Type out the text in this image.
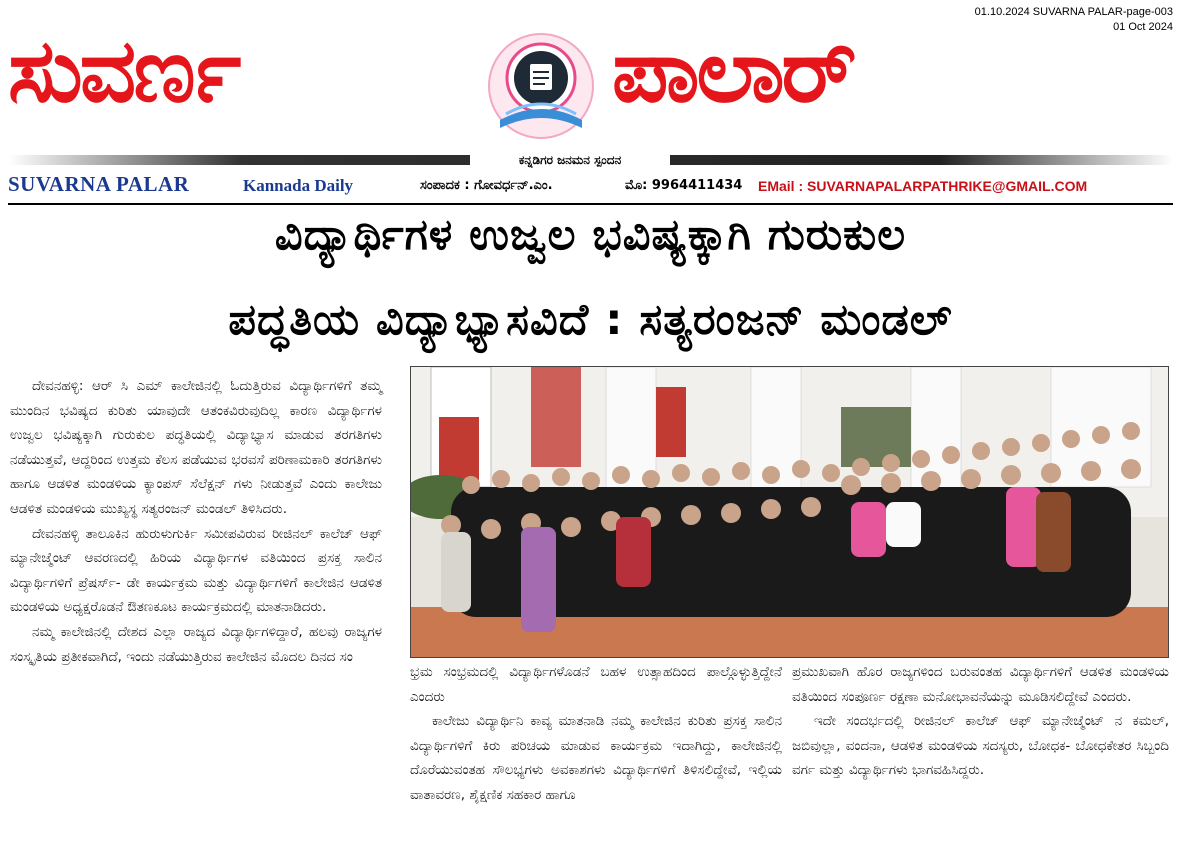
01.10.2024 SUVARNA PALAR-page-003
01 Oct 2024
ಸುವರ್ಣ	ಪಾಲಾರ್
ಕನ್ನಡಿಗರ ಜನಮನ ಸ್ಪಂದನ
SUVARNA PALAR	Kannada Daily	ಸಂಪಾದಕ : ಗೋವರ್ಧನ್.ಎಂ.	ಮೊ: 9964411434 EMail : SUVARNAPALARPATHRIKE@GMAIL.COM
ವಿದ್ಯಾರ್ಥಿಗಳ ಉಜ್ವಲ ಭವಿಷ್ಯಕ್ಕಾಗಿ ಗುರುಕುಲ
ಪದ್ಧತಿಯ ವಿದ್ಯಾಭ್ಯಾಸವಿದೆ : ಸತ್ಯರಂಜನ್ ಮಂಡಲ್

ದೇವನಹಳ್ಳಿ: ಆರ್ ಸಿ ಎಮ್ ಕಾಲೇಜಿನಲ್ಲಿ ಓದುತ್ತಿರುವ ವಿದ್ಯಾರ್ಥಿಗಳಿಗೆ ತಮ್ಮ ಮುಂದಿನ ಭವಿಷ್ಯದ ಕುರಿತು ಯಾವುದೇ ಆತಂಕವಿರುವುದಿಲ್ಲ ಕಾರಣ ವಿದ್ಯಾರ್ಥಿಗಳ ಉಜ್ವಲ ಭವಿಷ್ಯಕ್ಕಾಗಿ ಗುರುಕುಲ ಪದ್ಧತಿಯಲ್ಲಿ ವಿದ್ಯಾಭ್ಯಾಸ ಮಾಡುವ ತರಗತಿಗಳು ನಡೆಯುತ್ತವೆ, ಆದ್ದರಿಂದ ಉತ್ತಮ ಕೆಲಸ ಪಡೆಯುವ ಭರವಸೆ ಪರಿಣಾಮಕಾರಿ ತರಗತಿಗಳು ಹಾಗೂ ಆಡಳಿತ ಮಂಡಳಿಯ ಕ್ಯಾಂಪಸ್ ಸೆಲೆಕ್ಷನ್ ಗಳು ನೀಡುತ್ತವೆ ಎಂದು ಕಾಲೇಜು ಆಡಳಿತ ಮಂಡಳಿಯ ಮುಖ್ಯಸ್ಥ ಸತ್ಯರಂಜನ್ ಮಂಡಲ್ ತಿಳಿಸಿದರು.

ದೇವನಹಳ್ಳಿ ತಾಲೂಕಿನ ಹುರುಳುಗುರ್ಕಿ ಸಮೀಪವಿರುವ ರೀಜಿನಲ್ ಕಾಲೆಜ್ ಆಫ್ ಮ್ಯಾನೇಜ್ಮೆಂಟ್ ಆವರಣದಲ್ಲಿ ಹಿರಿಯ ವಿದ್ಯಾರ್ಥಿಗಳ ವತಿಯಿಂದ ಪ್ರಸಕ್ತ ಸಾಲಿನ ವಿದ್ಯಾರ್ಥಿಗಳಿಗೆ ಪ್ರೆಷರ್ಸ್- ಡೇ ಕಾರ್ಯಕ್ರಮ ಮತ್ತು ವಿದ್ಯಾರ್ಥಿಗಳಿಗೆ ಕಾಲೇಜಿನ ಆಡಳಿತ ಮಂಡಳಿಯ ಅಧ್ಯಕ್ಷರೊಡನೆ ಔತಣಕೂಟ ಕಾರ್ಯಕ್ರಮದಲ್ಲಿ ಮಾತನಾಡಿದರು.

ನಮ್ಮ ಕಾಲೇಜಿನಲ್ಲಿ ದೇಶದ ಎಲ್ಲಾ ರಾಜ್ಯದ ವಿದ್ಯಾರ್ಥಿಗಳಿದ್ದಾರೆ, ಹಲವು ರಾಜ್ಯಗಳ ಸಂಸ್ಕೃತಿಯ ಪ್ರತೀಕವಾಗಿದೆ, ಇಂದು ನಡೆಯುತ್ತಿರುವ ಕಾಲೇಜಿನ ಮೊದಲ ದಿನದ ಸಂ

ಭ್ರಮ ಸಂಭ್ರಮದಲ್ಲಿ ವಿದ್ಯಾರ್ಥಿಗಳೊಡನೆ ಬಹಳ ಉತ್ಸಾಹದಿಂದ ಪಾಲ್ಗೊಳ್ಳುತ್ತಿದ್ದೇನೆ ಎಂದರು

ಕಾಲೇಜು ವಿದ್ಯಾರ್ಥಿನಿ ಕಾವ್ಯ ಮಾತನಾಡಿ ನಮ್ಮ ಕಾಲೇಜಿನ ಕುರಿತು ಪ್ರಸಕ್ತ ಸಾಲಿನ ವಿದ್ಯಾರ್ಥಿಗಳಿಗೆ ಕಿರು ಪರಿಚಯ ಮಾಡುವ ಕಾರ್ಯಕ್ರಮ ಇದಾಗಿದ್ದು, ಕಾಲೇಜಿನಲ್ಲಿ ದೊರೆಯುವಂತಹ ಸೌಲಭ್ಯಗಳು ಅವಕಾಶಗಳು ವಿದ್ಯಾರ್ಥಿಗಳಿಗೆ ತಿಳಿಸಲಿದ್ದೇವೆ, ಇಲ್ಲಿಯ ವಾತಾವರಣ, ಶೈಕ್ಷಣಿಕ ಸಹಕಾರ ಹಾಗೂ

ಪ್ರಮುಖವಾಗಿ ಹೊರ ರಾಜ್ಯಗಳಿಂದ ಬರುವಂತಹ ವಿದ್ಯಾರ್ಥಿಗಳಿಗೆ ಆಡಳಿತ ಮಂಡಳಿಯ ವತಿಯಿಂದ ಸಂಪೂರ್ಣ ರಕ್ಷಣಾ ಮನೋಭಾವನೆಯನ್ನು ಮೂಡಿಸಲಿದ್ದೇವೆ ಎಂದರು.

ಇದೇ ಸಂದರ್ಭದಲ್ಲಿ ರೀಜಿನಲ್ ಕಾಲೆಜ್ ಆಫ್ ಮ್ಯಾನೇಜ್ಮೆಂಟ್ ನ ಕಮಲ್, ಜಬಿವುಲ್ಲಾ, ವಂದನಾ, ಆಡಳಿತ ಮಂಡಳಿಯ ಸದಸ್ಯರು, ಬೋಧಕ- ಬೋಧಕೇತರ ಸಿಬ್ಬಂದಿ ವರ್ಗ ಮತ್ತು ವಿದ್ಯಾರ್ಥಿಗಳು ಭಾಗವಹಿಸಿದ್ದರು.
